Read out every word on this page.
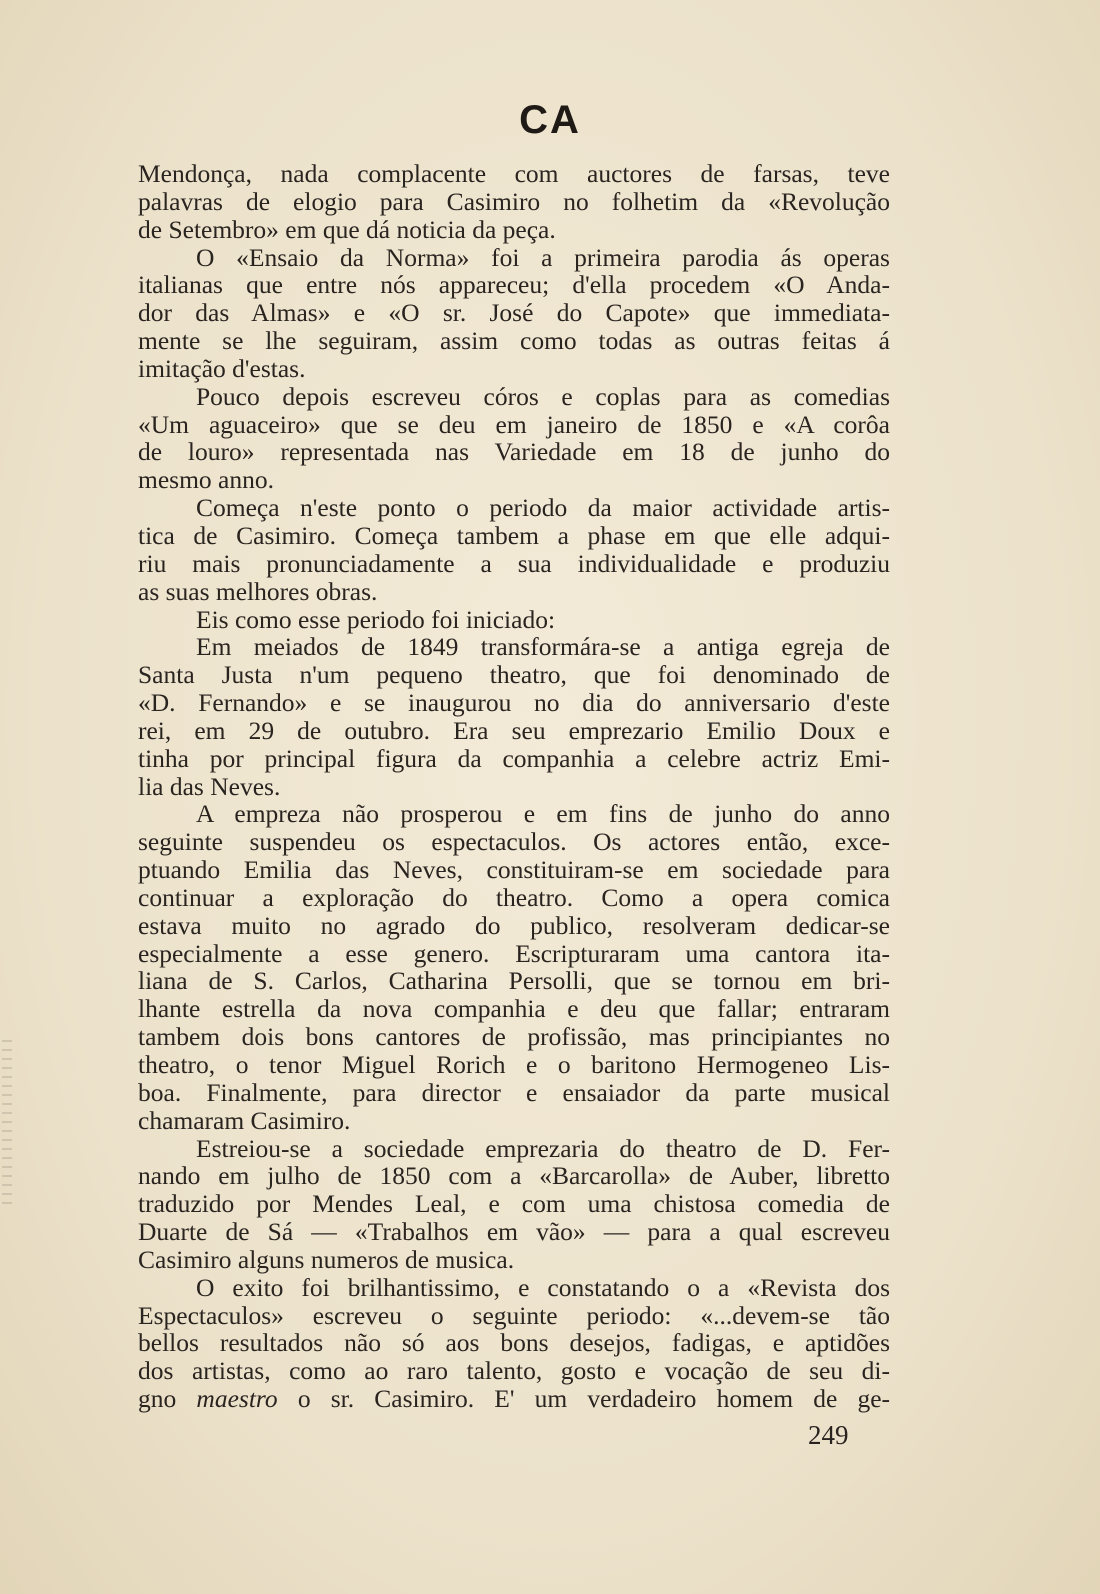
CA

Mendonça, nada complacente com auctores de farsas, teve
palavras de elogio para Casimiro no folhetim da «Revolução
de Setembro» em que dá noticia da peça.

O «Ensaio da Norma» foi a primeira parodia ás operas
italianas que entre nós appareceu; d'ella procedem «O Anda-
dor das Almas» e «O sr. José do Capote» que immediata-
mente se lhe seguiram, assim como todas as outras feitas á
imitação d'estas.

Pouco depois escreveu córos e coplas para as comedias
«Um aguaceiro» que se deu em janeiro de 1850 e «A corôa
de louro» representada nas Variedade em 18 de junho do
mesmo anno.

Começa n'este ponto o periodo da maior actividade artis-
tica de Casimiro. Começa tambem a phase em que elle adqui-
riu mais pronunciadamente a sua individualidade e produziu
as suas melhores obras.

Eis como esse periodo foi iniciado:

Em meiados de 1849 transformára-se a antiga egreja de
Santa Justa n'um pequeno theatro, que foi denominado de
«D. Fernando» e se inaugurou no dia do anniversario d'este
rei, em 29 de outubro. Era seu emprezario Emilio Doux e
tinha por principal figura da companhia a celebre actriz Emi-
lia das Neves.

A empreza não prosperou e em fins de junho do anno
seguinte suspendeu os espectaculos. Os actores então, exce-
ptuando Emilia das Neves, constituiram-se em sociedade para
continuar a exploração do theatro. Como a opera comica
estava muito no agrado do publico, resolveram dedicar-se
especialmente a esse genero. Escripturaram uma cantora ita-
liana de S. Carlos, Catharina Persolli, que se tornou em bri-
lhante estrella da nova companhia e deu que fallar; entraram
tambem dois bons cantores de profissão, mas principiantes no
theatro, o tenor Miguel Rorich e o baritono Hermogeneo Lis-
boa. Finalmente, para director e ensaiador da parte musical
chamaram Casimiro.

Estreiou-se a sociedade emprezaria do theatro de D. Fer-
nando em julho de 1850 com a «Barcarolla» de Auber, libretto
traduzido por Mendes Leal, e com uma chistosa comedia de
Duarte de Sá — «Trabalhos em vão» — para a qual escreveu
Casimiro alguns numeros de musica.

O exito foi brilhantissimo, e constatando o a «Revista dos
Espectaculos» escreveu o seguinte periodo: «...devem-se tão
bellos resultados não só aos bons desejos, fadigas, e aptidões
dos artistas, como ao raro talento, gosto e vocação de seu di-
gno maestro o sr. Casimiro. E' um verdadeiro homem de ge-

249
